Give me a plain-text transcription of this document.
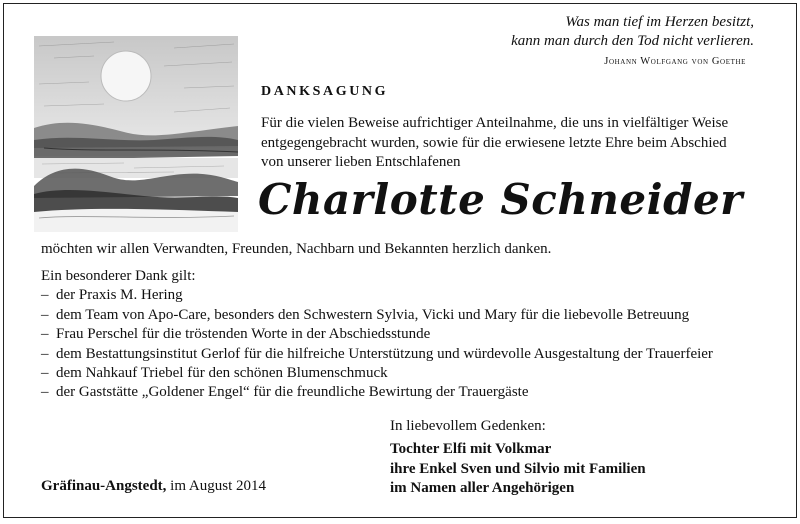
Was man tief im Herzen besitzt,
kann man durch den Tod nicht verlieren.
Johann Wolfgang von Goethe
DANKSAGUNG
Für die vielen Beweise aufrichtiger Anteilnahme, die uns in vielfältiger Weise
entgegengebracht wurden, sowie für die erwiesene letzte Ehre beim Abschied
von unserer lieben Entschlafenen
Charlotte Schneider
möchten wir allen Verwandten, Freunden, Nachbarn und Bekannten herzlich danken.
Ein besonderer Dank gilt:
– der Praxis M. Hering
– dem Team von Apo-Care, besonders den Schwestern Sylvia, Vicki und Mary für die liebevolle Betreuung
– Frau Perschel für die tröstenden Worte in der Abschiedsstunde
– dem Bestattungsinstitut Gerlof für die hilfreiche Unterstützung und würdevolle Ausgestaltung der Trauerfeier
– dem Nahkauf Triebel für den schönen Blumenschmuck
– der Gaststätte „Goldener Engel“ für die freundliche Bewirtung der Trauergäste
In liebevollem Gedenken:
Tochter Elfi mit Volkmar
ihre Enkel Sven und Silvio mit Familien
im Namen aller Angehörigen
Gräfinau-Angstedt, im August 2014
